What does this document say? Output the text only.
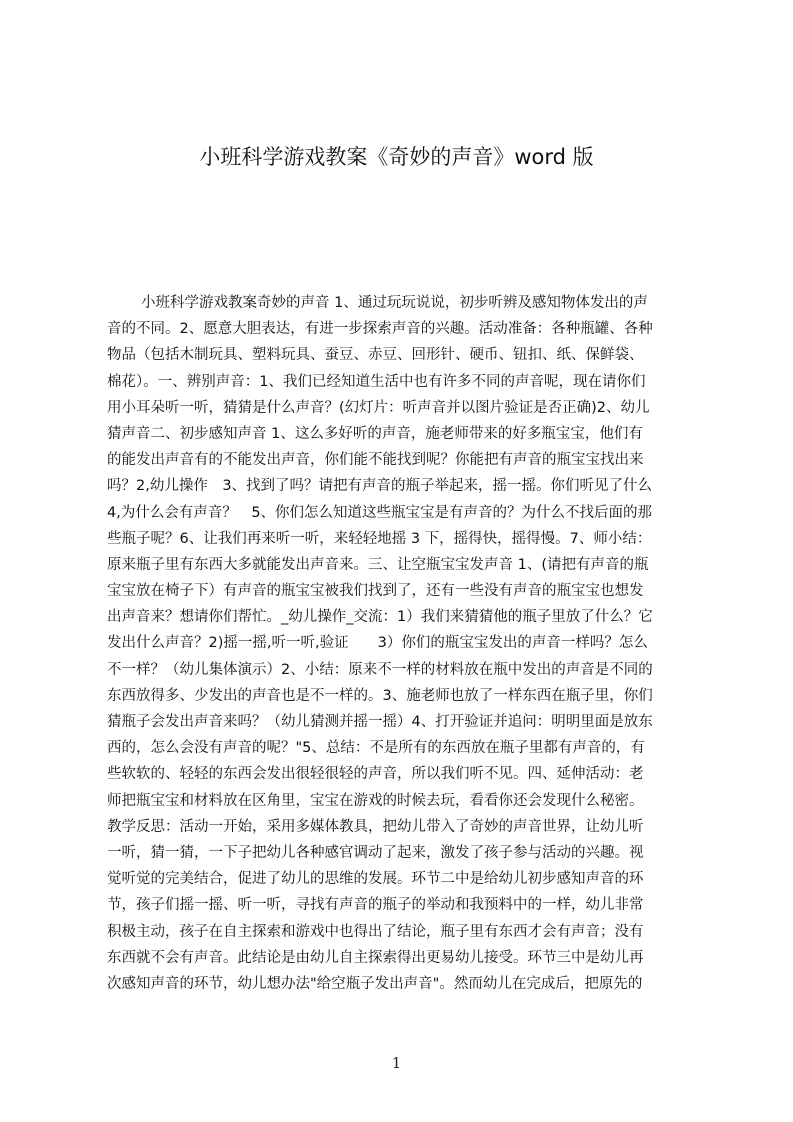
小班科学游戏教案《奇妙的声音》word 版
小班科学游戏教案奇妙的声音 1、通过玩玩说说，初步听辨及感知物体发出的声
音的不同。2、愿意大胆表达，有进一步探索声音的兴趣。活动准备：各种瓶罐、各种
物品（包括木制玩具、塑料玩具、蚕豆、赤豆、回形针、硬币、钮扣、纸、保鲜袋、
棉花）。一、辨别声音：1、我们已经知道生活中也有许多不同的声音呢，现在请你们
用小耳朵听一听，猜猜是什么声音？(幻灯片：听声音并以图片验证是否正确)2、幼儿
猜声音二、初步感知声音 1、这么多好听的声音，施老师带来的好多瓶宝宝，他们有
的能发出声音有的不能发出声音，你们能不能找到呢？你能把有声音的瓶宝宝找出来
吗？2,幼儿操作　3、找到了吗？请把有声音的瓶子举起来，摇一摇。你们听见了什么
4,为什么会有声音？　5、你们怎么知道这些瓶宝宝是有声音的？为什么不找后面的那
些瓶子呢？6、让我们再来听一听，来轻轻地摇 3 下，摇得快，摇得慢。7、师小结：
原来瓶子里有东西大多就能发出声音来。三、让空瓶宝宝发声音 1、(请把有声音的瓶
宝宝放在椅子下）有声音的瓶宝宝被我们找到了，还有一些没有声音的瓶宝宝也想发
出声音来？想请你们帮忙。_幼儿操作_交流：1）我们来猜猜他的瓶子里放了什么？它
发出什么声音？2)摇一摇,听一听,验证　　3）你们的瓶宝宝发出的声音一样吗？怎么
不一样？（幼儿集体演示）2、小结：原来不一样的材料放在瓶中发出的声音是不同的
东西放得多、少发出的声音也是不一样的。3、施老师也放了一样东西在瓶子里，你们
猜瓶子会发出声音来吗？（幼儿猜测并摇一摇）4、打开验证并追问：明明里面是放东
西的，怎么会没有声音的呢？"5、总结：不是所有的东西放在瓶子里都有声音的，有
些软软的、轻轻的东西会发出很轻很轻的声音，所以我们听不见。四、延伸活动：老
师把瓶宝宝和材料放在区角里，宝宝在游戏的时候去玩，看看你还会发现什么秘密。
教学反思：活动一开始，采用多媒体教具，把幼儿带入了奇妙的声音世界，让幼儿听
一听，猜一猜，一下子把幼儿各种感官调动了起来，激发了孩子参与活动的兴趣。视
觉听觉的完美结合，促进了幼儿的思维的发展。环节二中是给幼儿初步感知声音的环
节，孩子们摇一摇、听一听，寻找有声音的瓶子的举动和我预料中的一样，幼儿非常
积极主动，孩子在自主探索和游戏中也得出了结论，瓶子里有东西才会有声音；没有
东西就不会有声音。此结论是由幼儿自主探索得出更易幼儿接受。环节三中是幼儿再
次感知声音的环节，幼儿想办法"给空瓶子发出声音"。然而幼儿在完成后，把原先的
1
